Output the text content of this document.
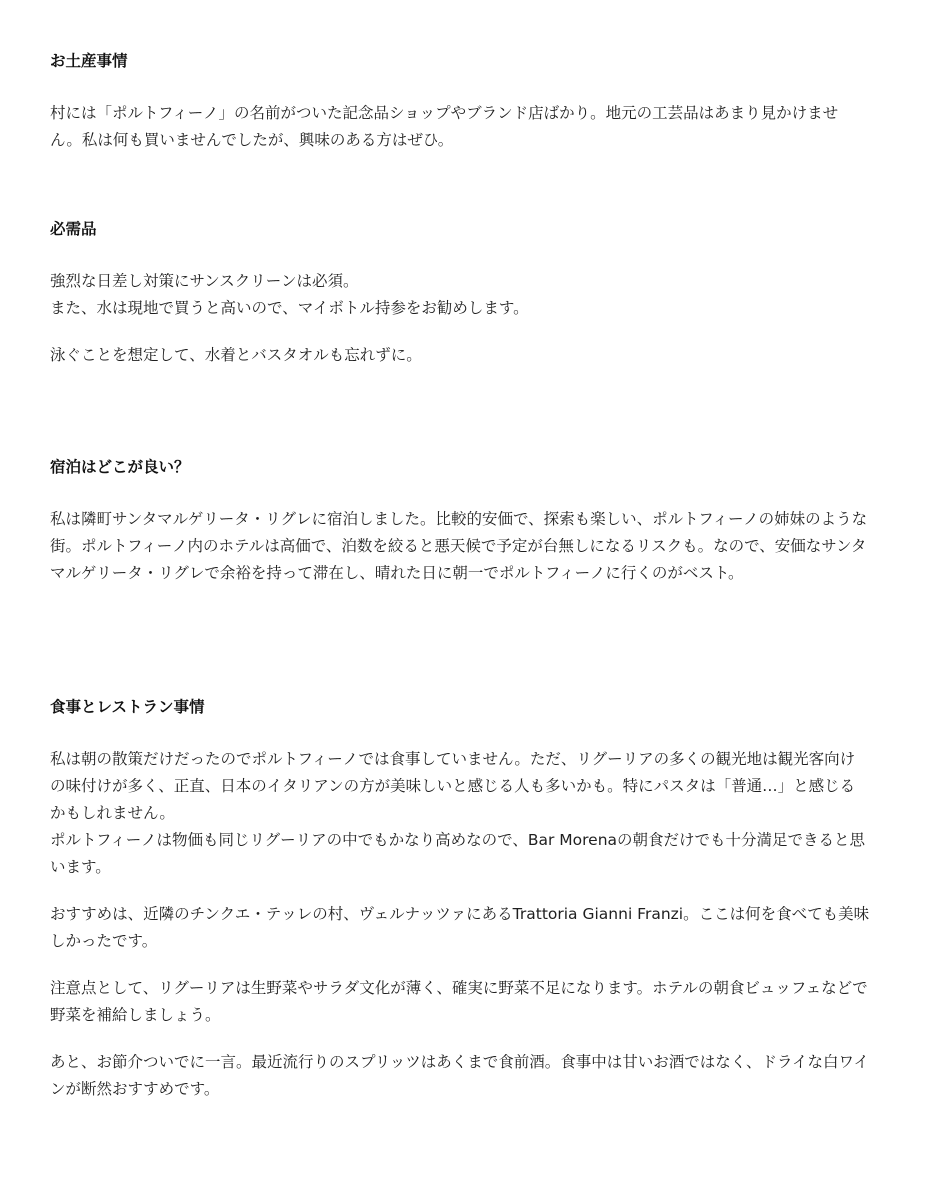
お土産事情

村には「ポルトフィーノ」の名前がついた記念品ショップやブランド店ばかり。地元の工芸品はあまり見かけません。私は何も買いませんでしたが、興味のある方はぜひ。

必需品

強烈な日差し対策にサンスクリーンは必須。

また、水は現地で買うと高いので、マイボトル持参をお勧めします。

泳ぐことを想定して、水着とバスタオルも忘れずに。

宿泊はどこが良い？

私は隣町サンタマルゲリータ・リグレに宿泊しました。比較的安価で、探索も楽しい、ポルトフィーノの姉妹のような街。ポルトフィーノ内のホテルは高価で、泊数を絞ると悪天候で予定が台無しになるリスクも。なので、安価なサンタマルゲリータ・リグレで余裕を持って滞在し、晴れた日に朝一でポルトフィーノに行くのがベスト。

食事とレストラン事情

私は朝の散策だけだったのでポルトフィーノでは食事していません。ただ、リグーリアの多くの観光地は観光客向けの味付けが多く、正直、日本のイタリアンの方が美味しいと感じる人も多いかも。特にパスタは「普通…」と感じるかもしれません。

ポルトフィーノは物価も同じリグーリアの中でもかなり高めなので、Bar Morenaの朝食だけでも十分満足できると思います。

おすすめは、近隣のチンクエ・テッレの村、ヴェルナッツァにあるTrattoria Gianni Franzi。ここは何を食べても美味しかったです。

注意点として、リグーリアは生野菜やサラダ文化が薄く、確実に野菜不足になります。ホテルの朝食ビュッフェなどで野菜を補給しましょう。

あと、お節介ついでに一言。最近流行りのスプリッツはあくまで食前酒。食事中は甘いお酒ではなく、ドライな白ワインが断然おすすめです。
